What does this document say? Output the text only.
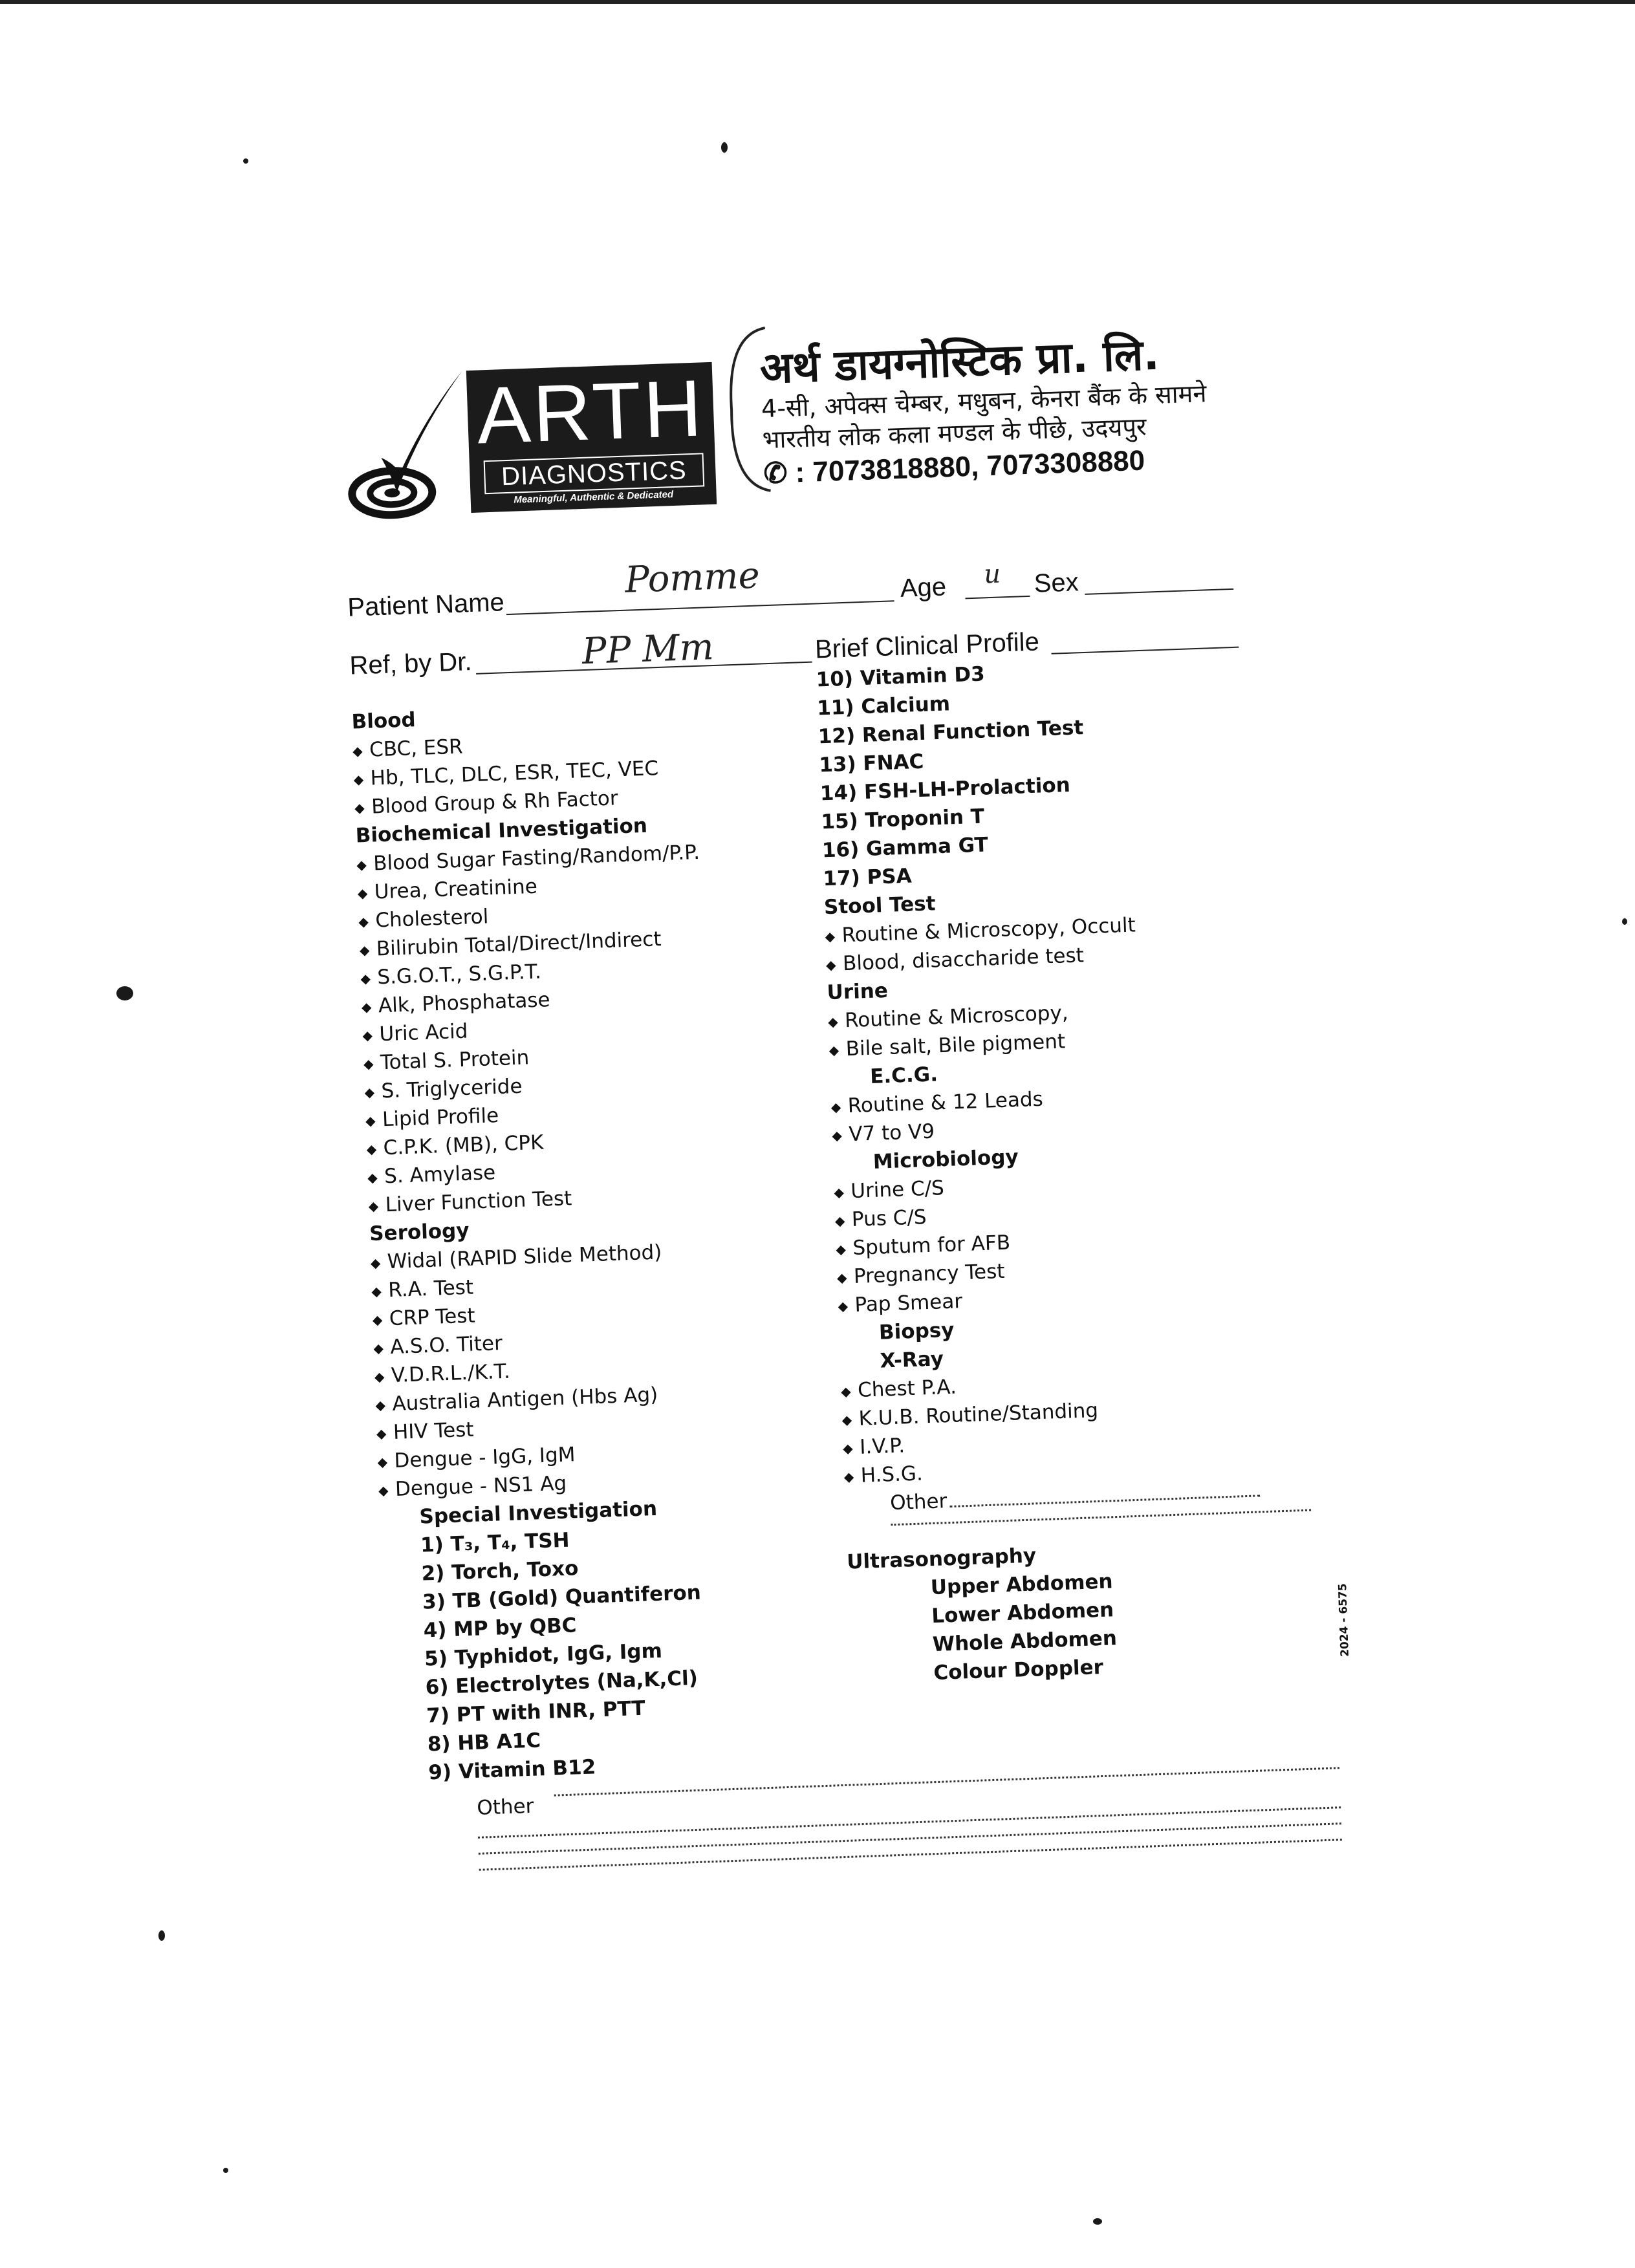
ARTH
DIAGNOSTICS
Meaningful, Authentic & Dedicated
अर्थ डायग्नोस्टिक प्रा. लि.
4-सी, अपेक्स चेम्बर, मधुबन, केनरा बैंक के सामने
भारतीय लोक कला मण्डल के पीछे, उदयपुर
✆ : 7073818880, 7073308880
Patient Name
Pomme	Age u Sex
Ref, by Dr.	PP Mm	Brief Clinical Profile
Blood
◆ CBC, ESR
◆ Hb, TLC, DLC, ESR, TEC, VEC
◆ Blood Group & Rh Factor
Biochemical Investigation
◆ Blood Sugar Fasting/Random/P.P.
◆ Urea, Creatinine
◆ Cholesterol
◆ Bilirubin Total/Direct/Indirect
◆ S.G.O.T., S.G.P.T.
◆ Alk, Phosphatase
◆ Uric Acid
◆ Total S. Protein
◆ S. Triglyceride
◆ Lipid Profile
◆ C.P.K. (MB), CPK
◆ S. Amylase
◆ Liver Function Test
Serology
◆ Widal (RAPID Slide Method)
◆ R.A. Test
◆ CRP Test
◆ A.S.O. Titer
◆ V.D.R.L./K.T.
◆ Australia Antigen (Hbs Ag)
◆ HIV Test
◆ Dengue - IgG, IgM
◆ Dengue - NS1 Ag
Special Investigation
1) T₃, T₄, TSH
2) Torch, Toxo
3) TB (Gold) Quantiferon
4) MP by QBC
5) Typhidot, IgG, Igm
6) Electrolytes (Na,K,Cl)
7) PT with INR, PTT
8) HB A1C
9) Vitamin B12
10) Vitamin D3
11) Calcium
12) Renal Function Test
13) FNAC
14) FSH-LH-Prolaction
15) Troponin T
16) Gamma GT
17) PSA
Stool Test
◆ Routine & Microscopy, Occult
◆ Blood, disaccharide test
Urine
◆ Routine & Microscopy,
◆ Bile salt, Bile pigment
E.C.G.
◆ Routine & 12 Leads
◆ V7 to V9
Microbiology
◆ Urine C/S
◆ Pus C/S
◆ Sputum for AFB
◆ Pregnancy Test
◆ Pap Smear
Biopsy
X-Ray
◆ Chest P.A.
◆ K.U.B. Routine/Standing
◆ I.V.P.
◆ H.S.G.
Other
Ultrasonography
Upper Abdomen
Lower Abdomen
Whole Abdomen
Colour Doppler
Other
2024 - 6575
